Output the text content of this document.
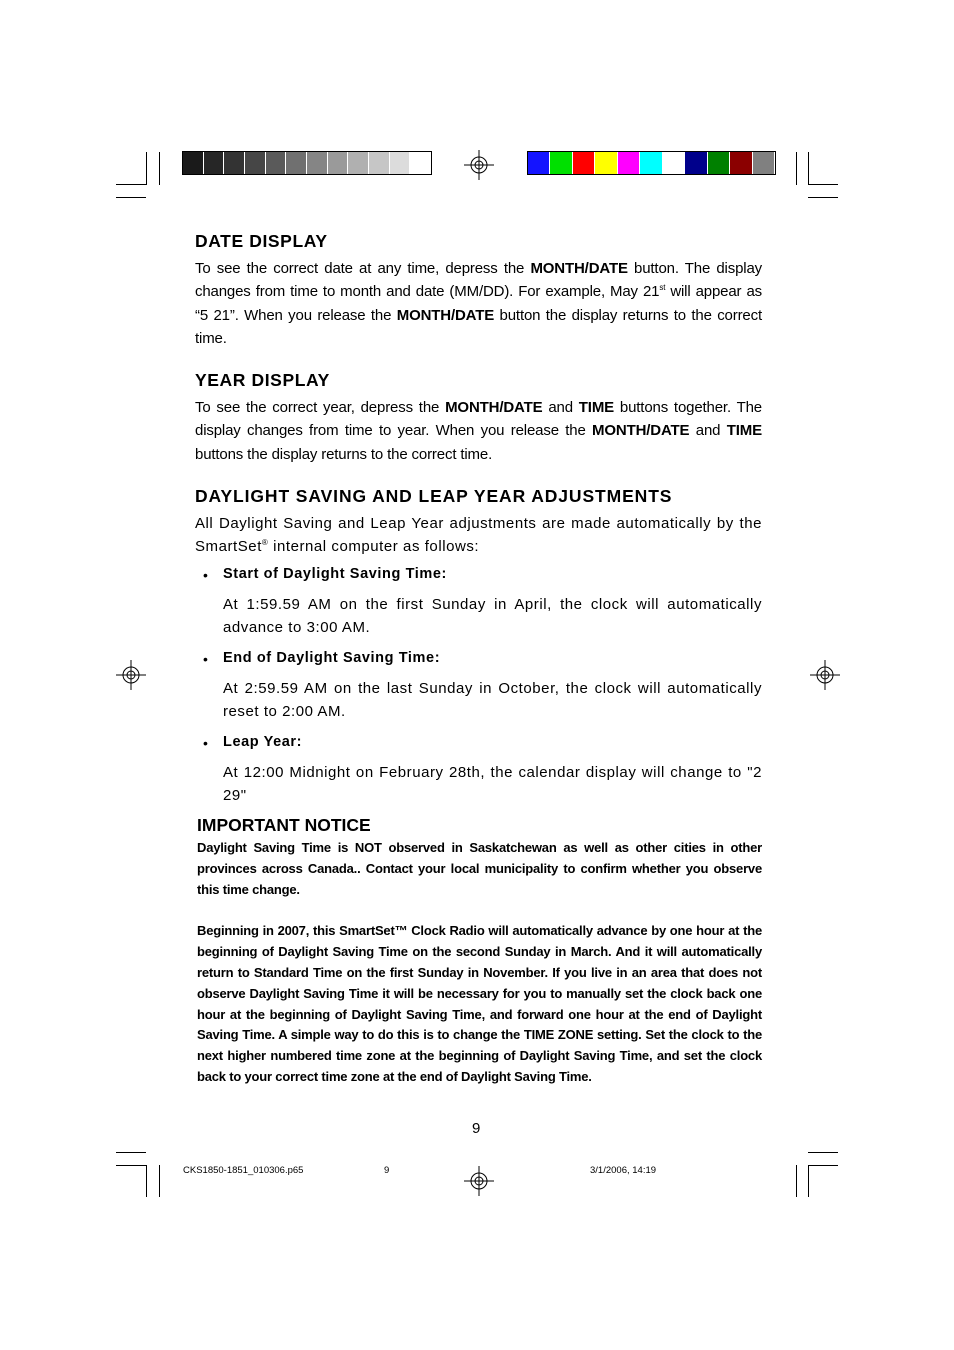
DATE DISPLAY

To see the correct date at any time, depress the MONTH/DATE button. The display changes from time to month and date (MM/DD). For example, May 21st will appear as “5 21”. When you release the MONTH/DATE button the display returns to the correct time.

YEAR DISPLAY

To see the correct year, depress the MONTH/DATE and TIME buttons together. The display changes from time to year. When you release the MONTH/DATE and TIME buttons the display returns to the correct time.

DAYLIGHT SAVING AND LEAP YEAR ADJUSTMENTS

All Daylight Saving and Leap Year adjustments are made automatically by the SmartSet® internal computer as follows:

• Start of Daylight Saving Time:

At 1:59.59 AM on the first Sunday in April, the clock will automatically advance to 3:00 AM.

• End of Daylight Saving Time:

At 2:59.59 AM on the last Sunday in October, the clock will automatically reset to 2:00 AM.

• Leap Year:

At 12:00 Midnight on February 28th, the calendar display will change to "2 29"

IMPORTANT NOTICE

Daylight Saving Time is NOT observed in Saskatchewan as well as other cities in other provinces across Canada.. Contact your local municipality to confirm whether you observe this time change.

Beginning in 2007, this SmartSet™ Clock Radio will automatically advance by one hour at the beginning of Daylight Saving Time on the second Sunday in March. And it will automatically return to Standard Time on the first Sunday in November. If you live in an area that does not observe Daylight Saving Time it will be necessary for you to manually set the clock back one hour at the beginning of Daylight Saving Time, and forward one hour at the end of Daylight Saving Time. A simple way to do this is to change the TIME ZONE setting. Set the clock to the next higher numbered time zone at the beginning of Daylight Saving Time, and set the clock back to your correct time zone at the end of Daylight Saving Time.

9
CKS1850-1851_010306.p65	9	3/1/2006, 14:19
